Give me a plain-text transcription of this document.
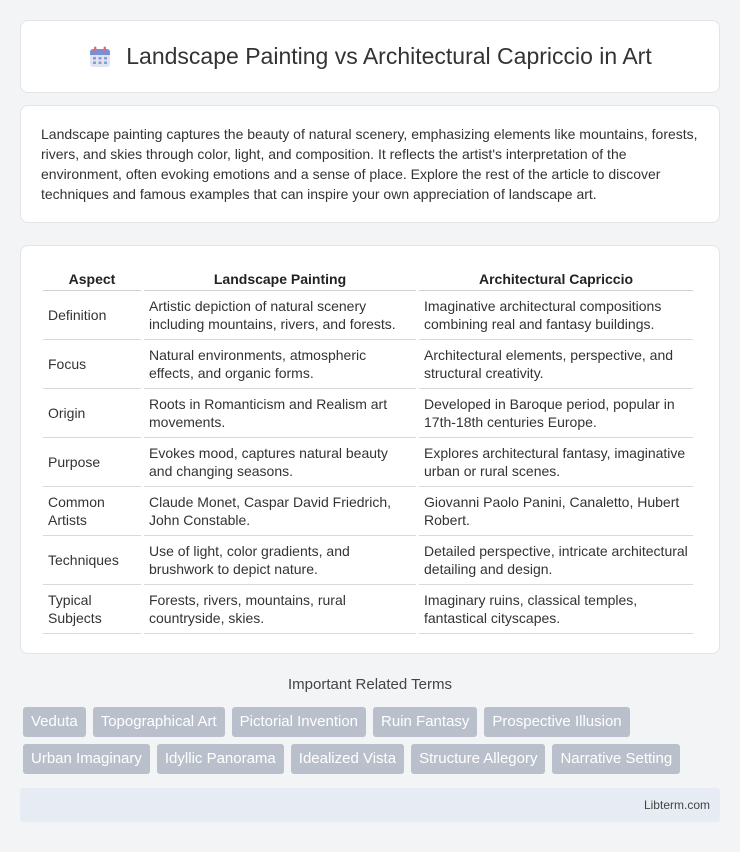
Landscape Painting vs Architectural Capriccio in Art

Landscape painting captures the beauty of natural scenery, emphasizing elements like mountains, forests, rivers, and skies through color, light, and composition. It reflects the artist's interpretation of the environment, often evoking emotions and a sense of place. Explore the rest of the article to discover techniques and famous examples that can inspire your own appreciation of landscape art.

Aspect	Landscape Painting	Architectural Capriccio
Definition	Artistic depiction of natural scenery including mountains, rivers, and forests.	Imaginative architectural compositions combining real and fantasy buildings.
Focus	Natural environments, atmospheric effects, and organic forms.	Architectural elements, perspective, and structural creativity.
Origin	Roots in Romanticism and Realism art movements.	Developed in Baroque period, popular in 17th-18th centuries Europe.
Purpose	Evokes mood, captures natural beauty and changing seasons.	Explores architectural fantasy, imaginative urban or rural scenes.
Common Artists	Claude Monet, Caspar David Friedrich, John Constable.	Giovanni Paolo Panini, Canaletto, Hubert Robert.
Techniques	Use of light, color gradients, and brushwork to depict nature.	Detailed perspective, intricate architectural detailing and design.
Typical Subjects	Forests, rivers, mountains, rural countryside, skies.	Imaginary ruins, classical temples, fantastical cityscapes.
Important Related Terms
Veduta	Topographical Art	Pictorial Invention	Ruin Fantasy	Prospective Illusion
Urban Imaginary	Idyllic Panorama	Idealized Vista	Structure Allegory	Narrative Setting
Libterm.com
